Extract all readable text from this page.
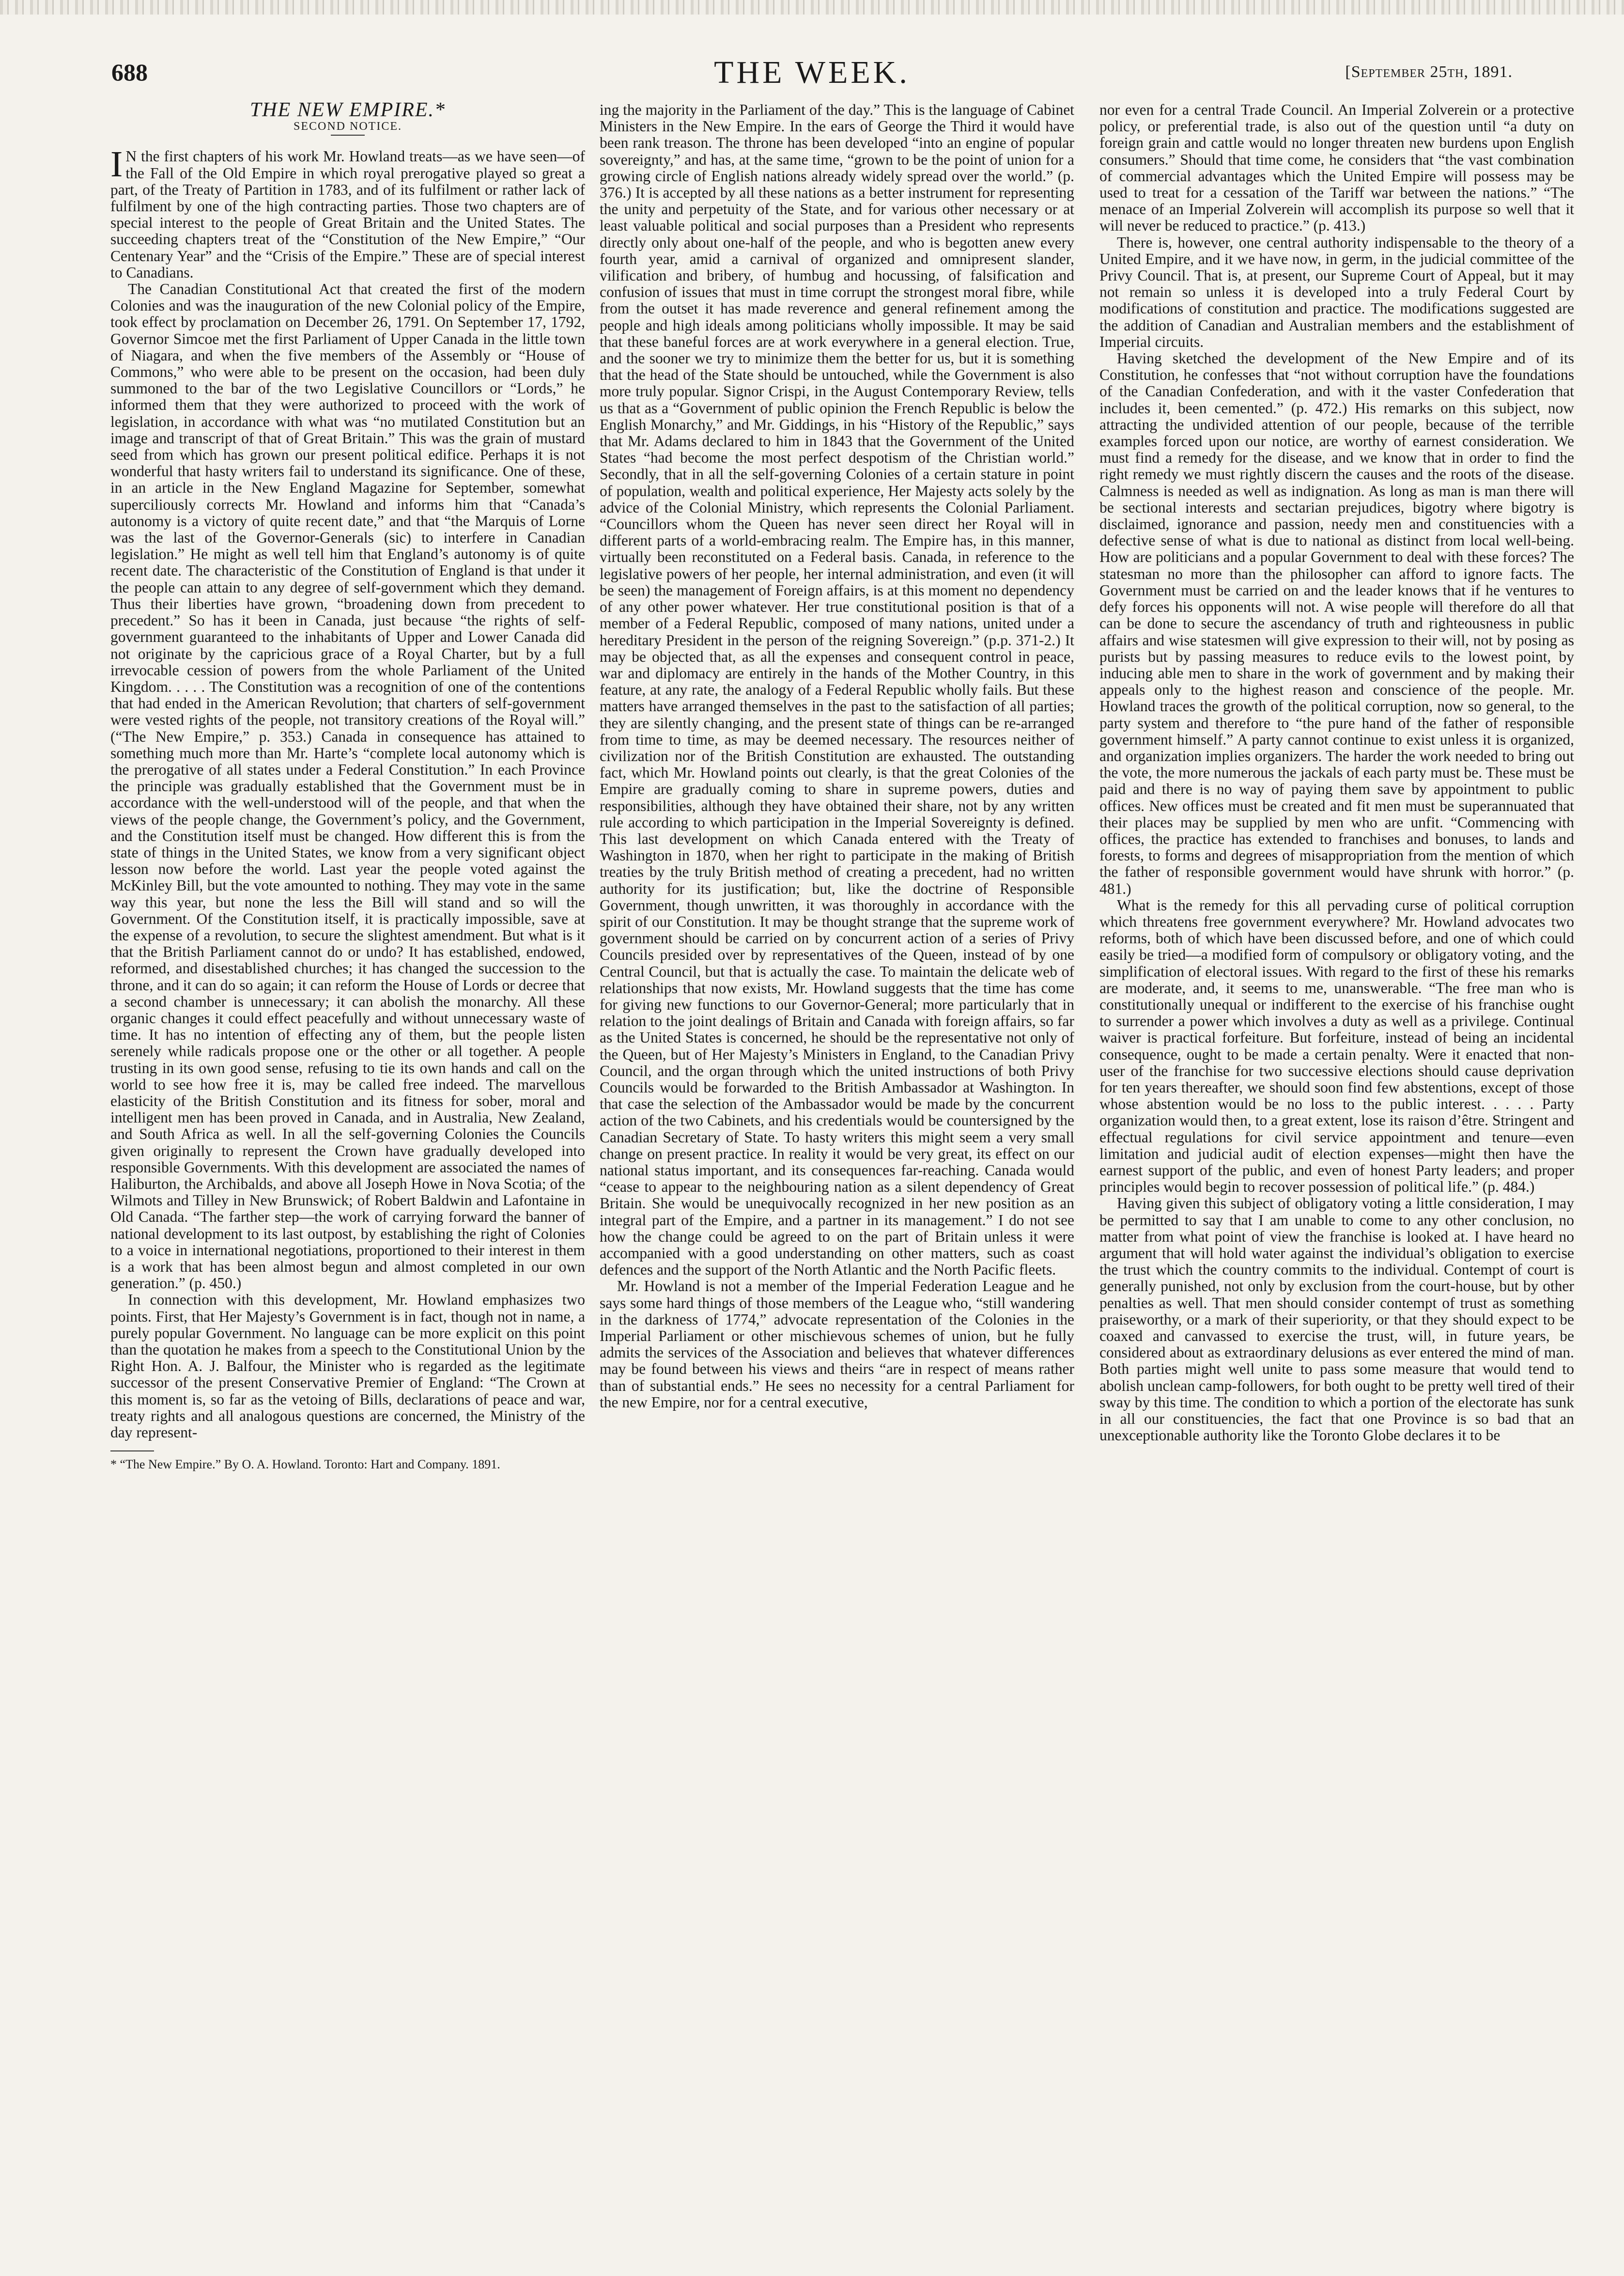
688	THE WEEK.	[September 25th, 1891.

THE NEW EMPIRE.*

SECOND NOTICE.

I N the first chapters of his work Mr. Howland treats—as we have seen—of the Fall of the Old Empire in which royal prerogative played so great a part, of the Treaty of Partition in 1783, and of its fulfilment or rather lack of fulfilment by one of the high contracting parties. Those two chapters are of special interest to the people of Great Britain and the United States. The succeeding chapters treat of the “Constitution of the New Empire,” “Our Centenary Year” and the “Crisis of the Empire.” These are of special interest to Canadians.

The Canadian Constitutional Act that created the first of the modern Colonies and was the inauguration of the new Colonial policy of the Empire, took effect by proclamation on December 26, 1791. On September 17, 1792, Governor Simcoe met the first Parliament of Upper Canada in the little town of Niagara, and when the five members of the Assembly or “House of Commons,” who were able to be present on the occasion, had been duly summoned to the bar of the two Legislative Councillors or “Lords,” he informed them that they were authorized to proceed with the work of legislation, in accordance with what was “no mutilated Constitution but an image and transcript of that of Great Britain.” This was the grain of mustard seed from which has grown our present political edifice. Perhaps it is not wonderful that hasty writers fail to understand its significance. One of these, in an article in the New England Magazine for September, somewhat superciliously corrects Mr. Howland and informs him that “Canada’s autonomy is a victory of quite recent date,” and that “the Marquis of Lorne was the last of the Governor-Generals (sic) to interfere in Canadian legislation.” He might as well tell him that England’s autonomy is of quite recent date. The characteristic of the Constitution of England is that under it the people can attain to any degree of self-government which they demand. Thus their liberties have grown, “broadening down from precedent to precedent.” So has it been in Canada, just because “the rights of self-government guaranteed to the inhabitants of Upper and Lower Canada did not originate by the capricious grace of a Royal Charter, but by a full irrevocable cession of powers from the whole Parliament of the United Kingdom. . . . . The Constitution was a recognition of one of the contentions that had ended in the American Revolution; that charters of self-government were vested rights of the people, not transitory creations of the Royal will.” (“The New Empire,” p. 353.) Canada in consequence has attained to something much more than Mr. Harte’s “complete local autonomy which is the prerogative of all states under a Federal Constitution.” In each Province the principle was gradually established that the Government must be in accordance with the well-understood will of the people, and that when the views of the people change, the Government’s policy, and the Government, and the Constitution itself must be changed. How different this is from the state of things in the United States, we know from a very significant object lesson now before the world. Last year the people voted against the McKinley Bill, but the vote amounted to nothing. They may vote in the same way this year, but none the less the Bill will stand and so will the Government. Of the Constitution itself, it is practically impossible, save at the expense of a revolution, to secure the slightest amendment. But what is it that the British Parliament cannot do or undo? It has established, endowed, reformed, and disestablished churches; it has changed the succession to the throne, and it can do so again; it can reform the House of Lords or decree that a second chamber is unnecessary; it can abolish the monarchy. All these organic changes it could effect peacefully and without unnecessary waste of time. It has no intention of effecting any of them, but the people listen serenely while radicals propose one or the other or all together. A people trusting in its own good sense, refusing to tie its own hands and call on the world to see how free it is, may be called free indeed. The marvellous elasticity of the British Constitution and its fitness for sober, moral and intelligent men has been proved in Canada, and in Australia, New Zealand, and South Africa as well. In all the self-governing Colonies the Councils given originally to represent the Crown have gradually developed into responsible Governments. With this development are associated the names of Haliburton, the Archibalds, and above all Joseph Howe in Nova Scotia; of the Wilmots and Tilley in New Brunswick; of Robert Baldwin and Lafontaine in Old Canada. “The farther step—the work of carrying forward the banner of national development to its last outpost, by establishing the right of Colonies to a voice in international negotiations, proportioned to their interest in them is a work that has been almost begun and almost completed in our own generation.” (p. 450.)

In connection with this development, Mr. Howland emphasizes two points. First, that Her Majesty’s Government is in fact, though not in name, a purely popular Government. No language can be more explicit on this point than the quotation he makes from a speech to the Constitutional Union by the Right Hon. A. J. Balfour, the Minister who is regarded as the legitimate successor of the present Conservative Premier of England: “The Crown at this moment is, so far as the vetoing of Bills, declarations of peace and war, treaty rights and all analogous questions are concerned, the Ministry of the day represent-

* “The New Empire.” By O. A. Howland. Toronto: Hart and Company. 1891.

ing the majority in the Parliament of the day.” This is the language of Cabinet Ministers in the New Empire. In the ears of George the Third it would have been rank treason. The throne has been developed “into an engine of popular sovereignty,” and has, at the same time, “grown to be the point of union for a growing circle of English nations already widely spread over the world.” (p. 376.) It is accepted by all these nations as a better instrument for representing the unity and perpetuity of the State, and for various other necessary or at least valuable political and social purposes than a President who represents directly only about one-half of the people, and who is begotten anew every fourth year, amid a carnival of organized and omnipresent slander, vilification and bribery, of humbug and hocussing, of falsification and confusion of issues that must in time corrupt the strongest moral fibre, while from the outset it has made reverence and general refinement among the people and high ideals among politicians wholly impossible. It may be said that these baneful forces are at work everywhere in a general election. True, and the sooner we try to minimize them the better for us, but it is something that the head of the State should be untouched, while the Government is also more truly popular. Signor Crispi, in the August Contemporary Review, tells us that as a “Government of public opinion the French Republic is below the English Monarchy,” and Mr. Giddings, in his “History of the Republic,” says that Mr. Adams declared to him in 1843 that the Government of the United States “had become the most perfect despotism of the Christian world.” Secondly, that in all the self-governing Colonies of a certain stature in point of population, wealth and political experience, Her Majesty acts solely by the advice of the Colonial Ministry, which represents the Colonial Parliament. “Councillors whom the Queen has never seen direct her Royal will in different parts of a world-embracing realm. The Empire has, in this manner, virtually been reconstituted on a Federal basis. Canada, in reference to the legislative powers of her people, her internal administration, and even (it will be seen) the management of Foreign affairs, is at this moment no dependency of any other power whatever. Her true constitutional position is that of a member of a Federal Republic, composed of many nations, united under a hereditary President in the person of the reigning Sovereign.” (p.p. 371-2.) It may be objected that, as all the expenses and consequent control in peace, war and diplomacy are entirely in the hands of the Mother Country, in this feature, at any rate, the analogy of a Federal Republic wholly fails. But these matters have arranged themselves in the past to the satisfaction of all parties; they are silently changing, and the present state of things can be re-arranged from time to time, as may be deemed necessary. The resources neither of civilization nor of the British Constitution are exhausted. The outstanding fact, which Mr. Howland points out clearly, is that the great Colonies of the Empire are gradually coming to share in supreme powers, duties and responsibilities, although they have obtained their share, not by any written rule according to which participation in the Imperial Sovereignty is defined. This last development on which Canada entered with the Treaty of Washington in 1870, when her right to participate in the making of British treaties by the truly British method of creating a precedent, had no written authority for its justification; but, like the doctrine of Responsible Government, though unwritten, it was thoroughly in accordance with the spirit of our Constitution. It may be thought strange that the supreme work of government should be carried on by concurrent action of a series of Privy Councils presided over by representatives of the Queen, instead of by one Central Council, but that is actually the case. To maintain the delicate web of relationships that now exists, Mr. Howland suggests that the time has come for giving new functions to our Governor-General; more particularly that in relation to the joint dealings of Britain and Canada with foreign affairs, so far as the United States is concerned, he should be the representative not only of the Queen, but of Her Majesty’s Ministers in England, to the Canadian Privy Council, and the organ through which the united instructions of both Privy Councils would be forwarded to the British Ambassador at Washington. In that case the selection of the Ambassador would be made by the concurrent action of the two Cabinets, and his credentials would be countersigned by the Canadian Secretary of State. To hasty writers this might seem a very small change on present practice. In reality it would be very great, its effect on our national status important, and its consequences far-reaching. Canada would “cease to appear to the neighbouring nation as a silent dependency of Great Britain. She would be unequivocally recognized in her new position as an integral part of the Empire, and a partner in its management.” I do not see how the change could be agreed to on the part of Britain unless it were accompanied with a good understanding on other matters, such as coast defences and the support of the North Atlantic and the North Pacific fleets.

Mr. Howland is not a member of the Imperial Federation League and he says some hard things of those members of the League who, “still wandering in the darkness of 1774,” advocate representation of the Colonies in the Imperial Parliament or other mischievous schemes of union, but he fully admits the services of the Association and believes that whatever differences may be found between his views and theirs “are in respect of means rather than of substantial ends.” He sees no necessity for a central Parliament for the new Empire, nor for a central executive,

nor even for a central Trade Council. An Imperial Zolverein or a protective policy, or preferential trade, is also out of the question until “a duty on foreign grain and cattle would no longer threaten new burdens upon English consumers.” Should that time come, he considers that “the vast combination of commercial advantages which the United Empire will possess may be used to treat for a cessation of the Tariff war between the nations.” “The menace of an Imperial Zolverein will accomplish its purpose so well that it will never be reduced to practice.” (p. 413.)

There is, however, one central authority indispensable to the theory of a United Empire, and it we have now, in germ, in the judicial committee of the Privy Council. That is, at present, our Supreme Court of Appeal, but it may not remain so unless it is developed into a truly Federal Court by modifications of constitution and practice. The modifications suggested are the addition of Canadian and Australian members and the establishment of Imperial circuits.

Having sketched the development of the New Empire and of its Constitution, he confesses that “not without corruption have the foundations of the Canadian Confederation, and with it the vaster Confederation that includes it, been cemented.” (p. 472.) His remarks on this subject, now attracting the undivided attention of our people, because of the terrible examples forced upon our notice, are worthy of earnest consideration. We must find a remedy for the disease, and we know that in order to find the right remedy we must rightly discern the causes and the roots of the disease. Calmness is needed as well as indignation. As long as man is man there will be sectional interests and sectarian prejudices, bigotry where bigotry is disclaimed, ignorance and passion, needy men and constituencies with a defective sense of what is due to national as distinct from local well-being. How are politicians and a popular Government to deal with these forces? The statesman no more than the philosopher can afford to ignore facts. The Government must be carried on and the leader knows that if he ventures to defy forces his opponents will not. A wise people will therefore do all that can be done to secure the ascendancy of truth and righteousness in public affairs and wise statesmen will give expression to their will, not by posing as purists but by passing measures to reduce evils to the lowest point, by inducing able men to share in the work of government and by making their appeals only to the highest reason and conscience of the people. Mr. Howland traces the growth of the political corruption, now so general, to the party system and therefore to “the pure hand of the father of responsible government himself.” A party cannot continue to exist unless it is organized, and organization implies organizers. The harder the work needed to bring out the vote, the more numerous the jackals of each party must be. These must be paid and there is no way of paying them save by appointment to public offices. New offices must be created and fit men must be superannuated that their places may be supplied by men who are unfit. “Commencing with offices, the practice has extended to franchises and bonuses, to lands and forests, to forms and degrees of misappropriation from the mention of which the father of responsible government would have shrunk with horror.” (p. 481.)

What is the remedy for this all pervading curse of political corruption which threatens free government everywhere? Mr. Howland advocates two reforms, both of which have been discussed before, and one of which could easily be tried—a modified form of compulsory or obligatory voting, and the simplification of electoral issues. With regard to the first of these his remarks are moderate, and, it seems to me, unanswerable. “The free man who is constitutionally unequal or indifferent to the exercise of his franchise ought to surrender a power which involves a duty as well as a privilege. Continual waiver is practical forfeiture. But forfeiture, instead of being an incidental consequence, ought to be made a certain penalty. Were it enacted that non-user of the franchise for two successive elections should cause deprivation for ten years thereafter, we should soon find few abstentions, except of those whose abstention would be no loss to the public interest. . . . . Party organization would then, to a great extent, lose its raison d’être. Stringent and effectual regulations for civil service appointment and tenure—even limitation and judicial audit of election expenses—might then have the earnest support of the public, and even of honest Party leaders; and proper principles would begin to recover possession of political life.” (p. 484.)

Having given this subject of obligatory voting a little consideration, I may be permitted to say that I am unable to come to any other conclusion, no matter from what point of view the franchise is looked at. I have heard no argument that will hold water against the individual’s obligation to exercise the trust which the country commits to the individual. Contempt of court is generally punished, not only by exclusion from the court-house, but by other penalties as well. That men should consider contempt of trust as something praiseworthy, or a mark of their superiority, or that they should expect to be coaxed and canvassed to exercise the trust, will, in future years, be considered about as extraordinary delusions as ever entered the mind of man. Both parties might well unite to pass some measure that would tend to abolish unclean camp-followers, for both ought to be pretty well tired of their sway by this time. The condition to which a portion of the electorate has sunk in all our constituencies, the fact that one Province is so bad that an unexceptionable authority like the Toronto Globe declares it to be
